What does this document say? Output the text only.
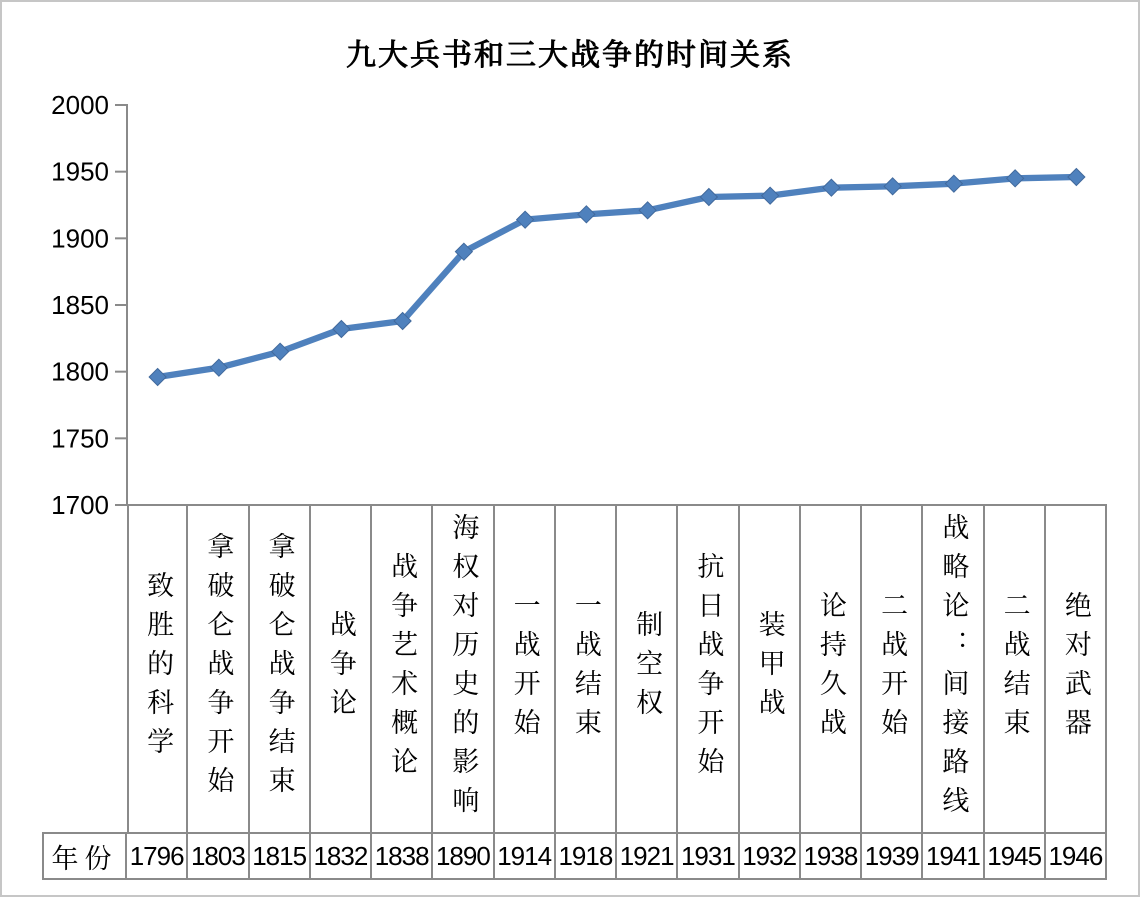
九大兵书和三大战争的时间关系
2000
1950
1900
1850
1800
1750
1700
致胜的科学 拿破仑战争开始 拿破仑战争结束 战争论 战争艺术概论 海权对历史的影响 一战开始 一战结束 制空权 抗日战争开始 装甲战 论持久战 二战开始 战略论：间接路线 二战结束 绝对武器
年份 1796 1803 1815 1832 1838 1890 1914 1918 1921 1931 1932 1938 1939 1941 1945 1946
